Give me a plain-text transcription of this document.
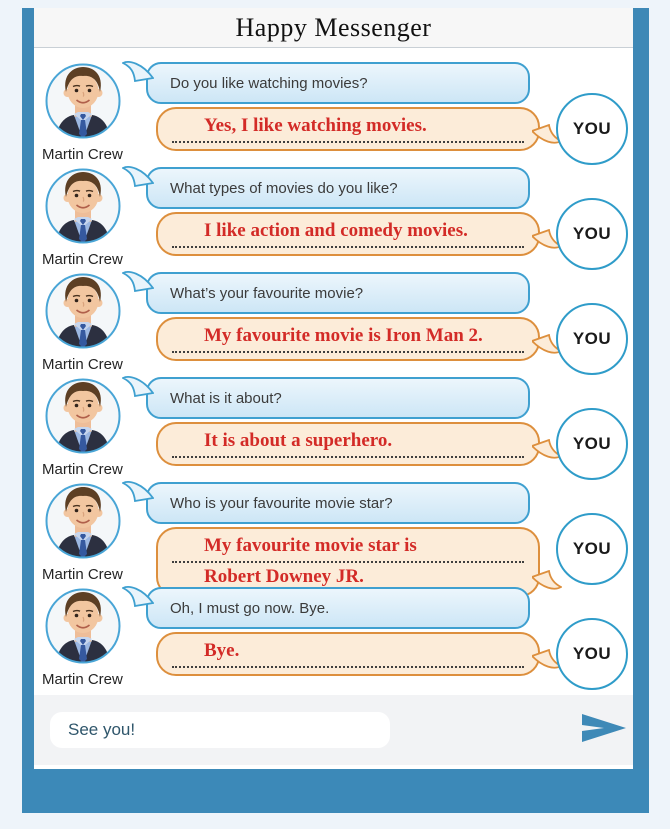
Happy Messenger
Martin Crew
Do you like watching movies?
Yes, I like watching movies.	YOU
Martin Crew
What types of movies do you like?
I like action and comedy movies.	YOU
Martin Crew
What’s your favourite movie?
My favourite movie is Iron Man 2.	YOU
Martin Crew
What is it about?
It is about a superhero.	YOU
Martin Crew
Who is your favourite movie star?
My favourite movie star is
Robert Downey JR.
YOU
Martin Crew
Oh, I must go now. Bye.
Bye.	YOU
See you!
